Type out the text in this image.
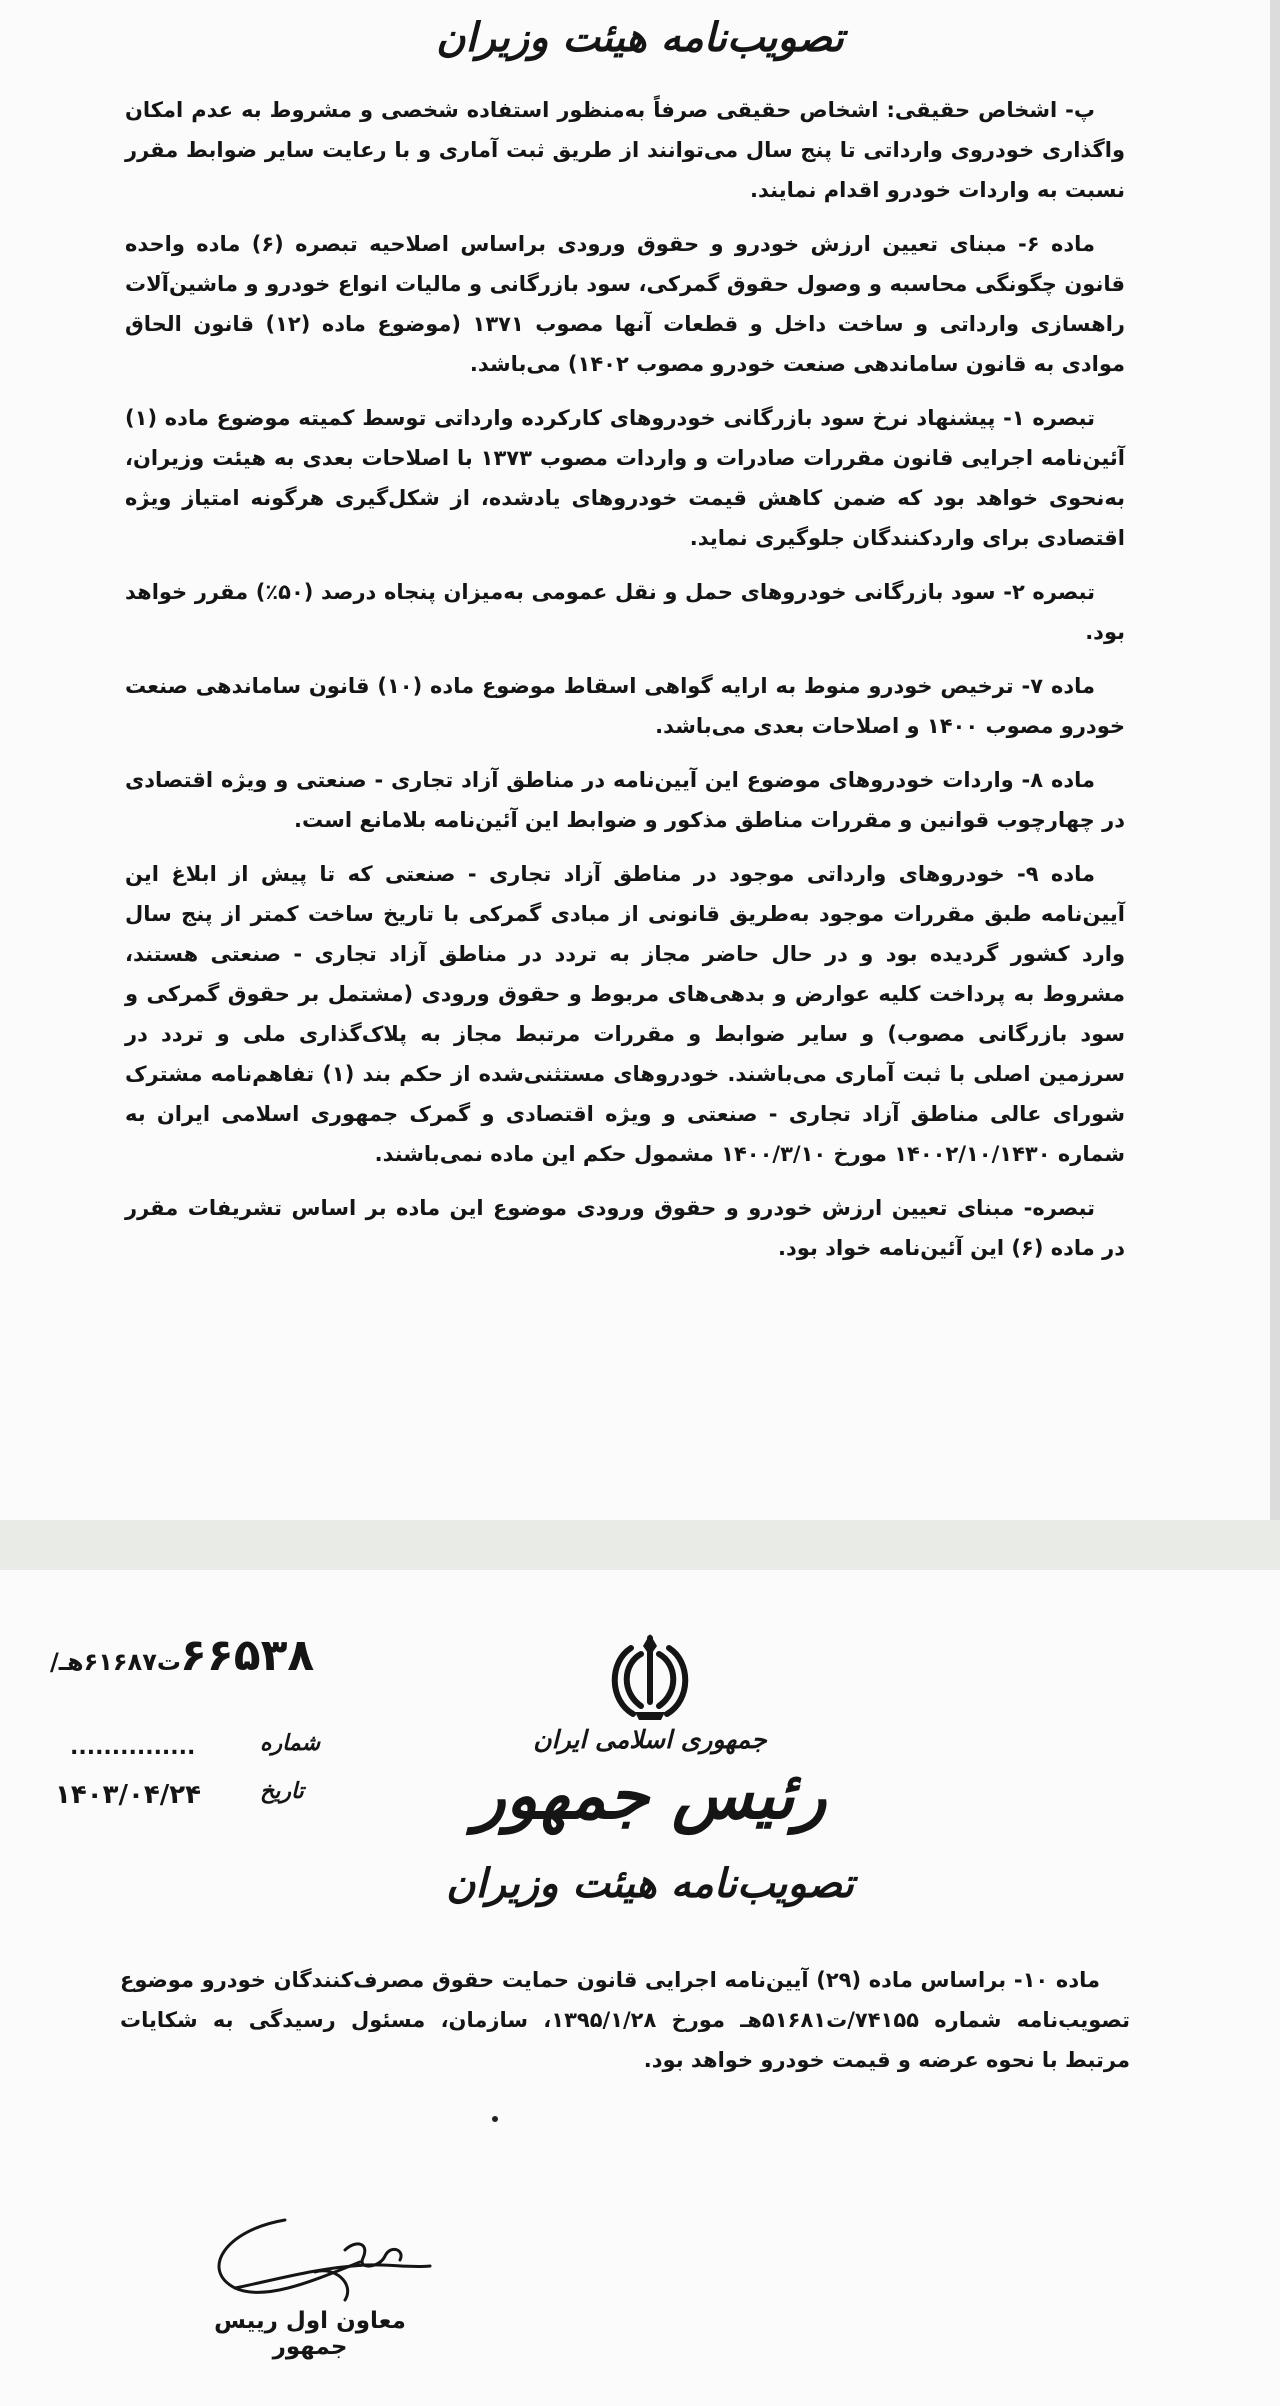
تصویب‌نامه هیئت وزیران

پ- اشخاص حقیقی: اشخاص حقیقی صرفاً به‌منظور استفاده شخصی و مشروط به عدم امکان واگذاری خودروی وارداتی تا پنج سال می‌توانند از طریق ثبت آماری و با رعایت سایر ضوابط مقرر نسبت به واردات خودرو اقدام نمایند.

ماده ۶- مبنای تعیین ارزش خودرو و حقوق ورودی براساس اصلاحیه تبصره (۶) ماده واحده قانون چگونگی محاسبه و وصول حقوق گمرکی، سود بازرگانی و مالیات انواع خودرو و ماشین‌آلات راهسازی وارداتی و ساخت داخل و قطعات آنها مصوب ۱۳۷۱ (موضوع ماده (۱۲) قانون الحاق موادی به قانون ساماندهی صنعت خودرو مصوب ۱۴۰۲) می‌باشد.

تبصره ۱- پیشنهاد نرخ سود بازرگانی خودروهای کارکرده وارداتی توسط کمیته موضوع ماده (۱) آئین‌نامه اجرایی قانون مقررات صادرات و واردات مصوب ۱۳۷۳ با اصلاحات بعدی به هیئت وزیران، به‌نحوی خواهد بود که ضمن کاهش قیمت خودروهای یادشده، از شکل‌گیری هرگونه امتیاز ویژه اقتصادی برای واردکنندگان جلوگیری نماید.

تبصره ۲- سود بازرگانی خودروهای حمل و نقل عمومی به‌میزان پنجاه درصد (۵۰٪) مقرر خواهد بود.

ماده ۷- ترخیص خودرو منوط به ارایه گواهی اسقاط موضوع ماده (۱۰) قانون ساماندهی صنعت خودرو مصوب ۱۴۰۰ و اصلاحات بعدی می‌باشد.

ماده ۸- واردات خودروهای موضوع این آیین‌نامه در مناطق آزاد تجاری - صنعتی و ویژه اقتصادی در چهارچوب قوانین و مقررات مناطق مذکور و ضوابط این آئین‌نامه بلامانع است.

ماده ۹- خودروهای وارداتی موجود در مناطق آزاد تجاری - صنعتی که تا پیش از ابلاغ این آیین‌نامه طبق مقررات موجود به‌طریق قانونی از مبادی گمرکی با تاریخ ساخت کمتر از پنج سال وارد کشور گردیده بود و در حال حاضر مجاز به تردد در مناطق آزاد تجاری - صنعتی هستند، مشروط به پرداخت کلیه عوارض و بدهی‌های مربوط و حقوق ورودی (مشتمل بر حقوق گمرکی و سود بازرگانی مصوب) و سایر ضوابط و مقررات مرتبط مجاز به پلاک‌گذاری ملی و تردد در سرزمین اصلی با ثبت آماری می‌باشند. خودروهای مستثنی‌شده از حکم بند (۱) تفاهم‌نامه مشترک شورای عالی مناطق آزاد تجاری - صنعتی و ویژه اقتصادی و گمرک جمهوری اسلامی ایران به شماره ۱۴۰۰۲/۱۰/۱۴۳۰ مورخ ۱۴۰۰/۳/۱۰ مشمول حکم این ماده نمی‌باشند.

تبصره- مبنای تعیین ارزش خودرو و حقوق ورودی موضوع این ماده بر اساس تشریفات مقرر در ماده (۶) این آئین‌نامه خواد بود.

/ت۶۱۶۸۷هـ ۶۶۵۳۸
...............	شماره
۱۴۰۳/۰۴/۲۴	تاریخ
جمهوری اسلامی ایران
رئیس جمهور
تصویب‌نامه هیئت وزیران

ماده ۱۰- براساس ماده (۲۹) آیین‌نامه اجرایی قانون حمایت حقوق مصرف‌کنندگان خودرو موضوع تصویب‌نامه شماره ۷۴۱۵۵/ت۵۱۶۸۱هـ مورخ ۱۳۹۵/۱/۲۸، سازمان، مسئول رسیدگی به شکایات مرتبط با نحوه عرضه و قیمت خودرو خواهد بود.

معاون اول رییس جمهور
